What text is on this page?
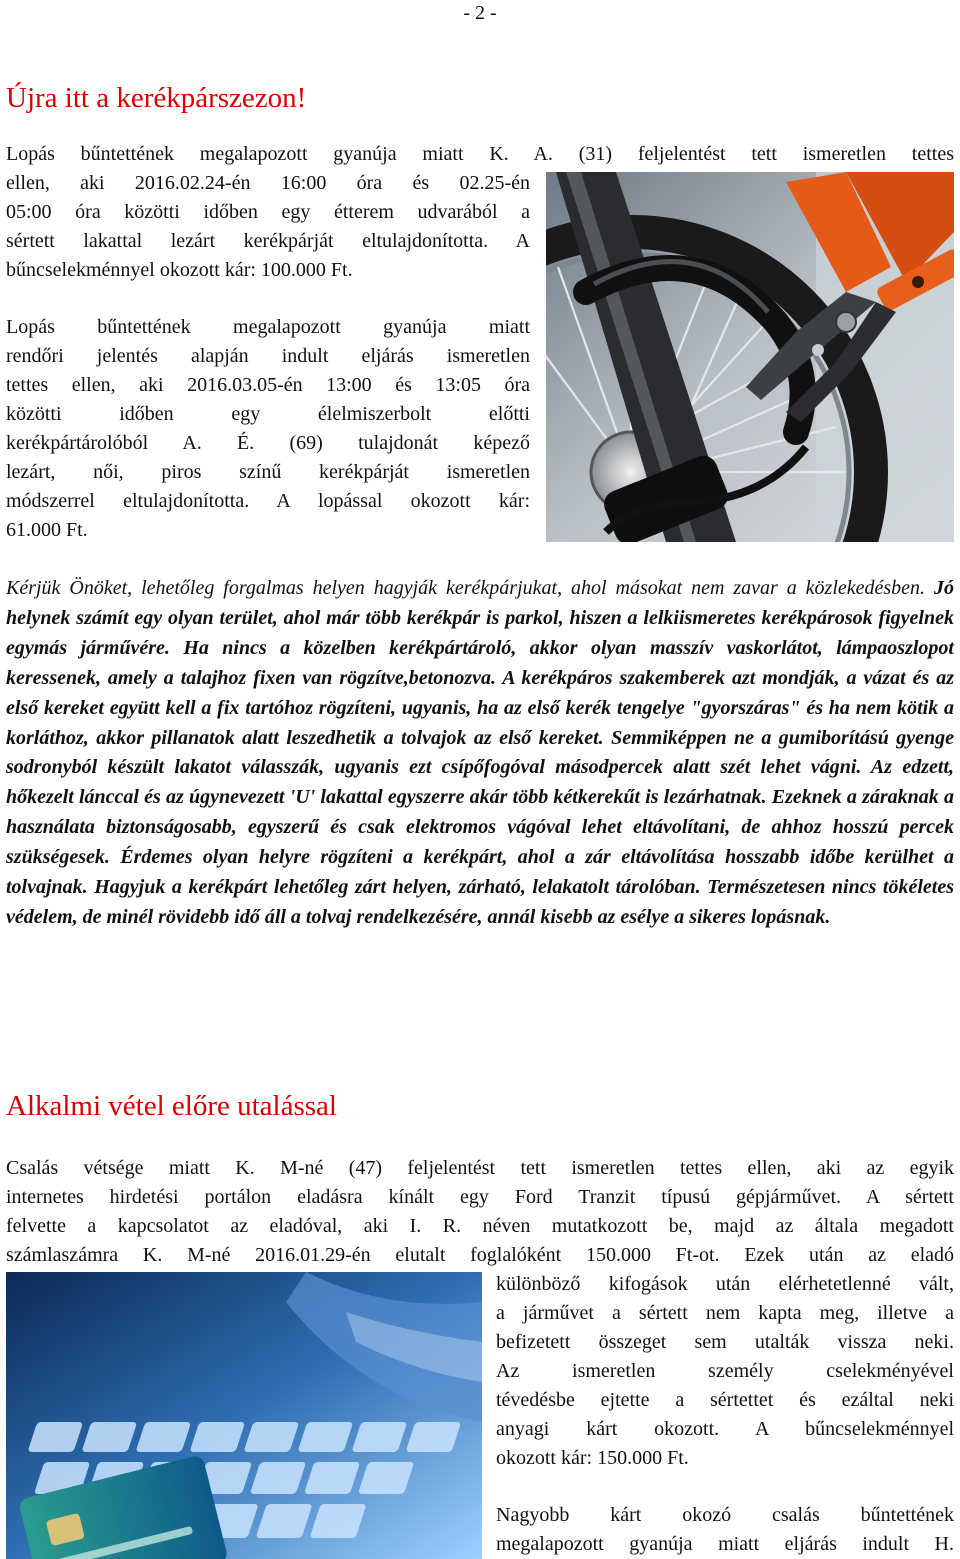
- 2 -
Újra itt a kerékpárszezon!
Lopás bűntettének megalapozott gyanúja miatt K. A. (31) feljelentést tett ismeretlen tettes
ellen, aki 2016.02.24-én 16:00 óra és 02.25-én
05:00 óra közötti időben egy étterem udvarából a
sértett lakattal lezárt kerékpárját eltulajdonította. A
bűncselekménnyel okozott kár: 100.000 Ft.
Lopás bűntettének megalapozott gyanúja miatt
rendőri jelentés alapján indult eljárás ismeretlen
tettes ellen, aki 2016.03.05-én 13:00 és 13:05 óra
közötti időben egy élelmiszerbolt előtti
kerékpártárolóból A. É. (69) tulajdonát képező
lezárt, női, piros színű kerékpárját ismeretlen
módszerrel eltulajdonította. A lopással okozott kár:
61.000 Ft.

Kérjük Önöket, lehetőleg forgalmas helyen hagyják kerékpárjukat, ahol másokat nem zavar a közlekedésben. Jó helynek számít egy olyan terület, ahol már több kerékpár is parkol, hiszen a lelkiismeretes kerékpárosok figyelnek egymás járművére. Ha nincs a közelben kerékpártároló, akkor olyan masszív vaskorlátot, lámpaoszlopot keressenek, amely a talajhoz fixen van rögzítve,betonozva. A kerékpáros szakemberek azt mondják, a vázat és az első kereket együtt kell a fix tartóhoz rögzíteni, ugyanis, ha az első kerék tengelye "gyorszáras" és ha nem kötik a korláthoz, akkor pillanatok alatt leszedhetik a tolvajok az első kereket. Semmiképpen ne a gumiborítású gyenge sodronyból készült lakatot válasszák, ugyanis ezt csípőfogóval másodpercek alatt szét lehet vágni. Az edzett, hőkezelt lánccal és az úgynevezett 'U' lakattal egyszerre akár több kétkerekűt is lezárhatnak. Ezeknek a záraknak a használata biztonságosabb, egyszerű és csak elektromos vágóval lehet eltávolítani, de ahhoz hosszú percek szükségesek. Érdemes olyan helyre rögzíteni a kerékpárt, ahol a zár eltávolítása hosszabb időbe kerülhet a tolvajnak. Hagyjuk a kerékpárt lehetőleg zárt helyen, zárható, lelakatolt tárolóban. Természetesen nincs tökéletes védelem, de minél rövidebb idő áll a tolvaj rendelkezésére, annál kisebb az esélye a sikeres lopásnak.

Alkalmi vétel előre utalással
Csalás vétsége miatt K. M-né (47) feljelentést tett ismeretlen tettes ellen, aki az egyik
internetes hirdetési portálon eladásra kínált egy Ford Tranzit típusú gépjárművet. A sértett
felvette a kapcsolatot az eladóval, aki I. R. néven mutatkozott be, majd az általa megadott
számlaszámra K. M-né 2016.01.29-én elutalt foglalóként 150.000 Ft-ot. Ezek után az eladó
különböző kifogások után elérhetetlenné vált,
a járművet a sértett nem kapta meg, illetve a
befizetett összeget sem utalták vissza neki.
Az ismeretlen személy cselekményével
tévedésbe ejtette a sértettet és ezáltal neki
anyagi kárt okozott. A bűncselekménnyel
okozott kár: 150.000 Ft.
Nagyobb kárt okozó csalás bűntettének
megalapozott gyanúja miatt eljárás indult H.
